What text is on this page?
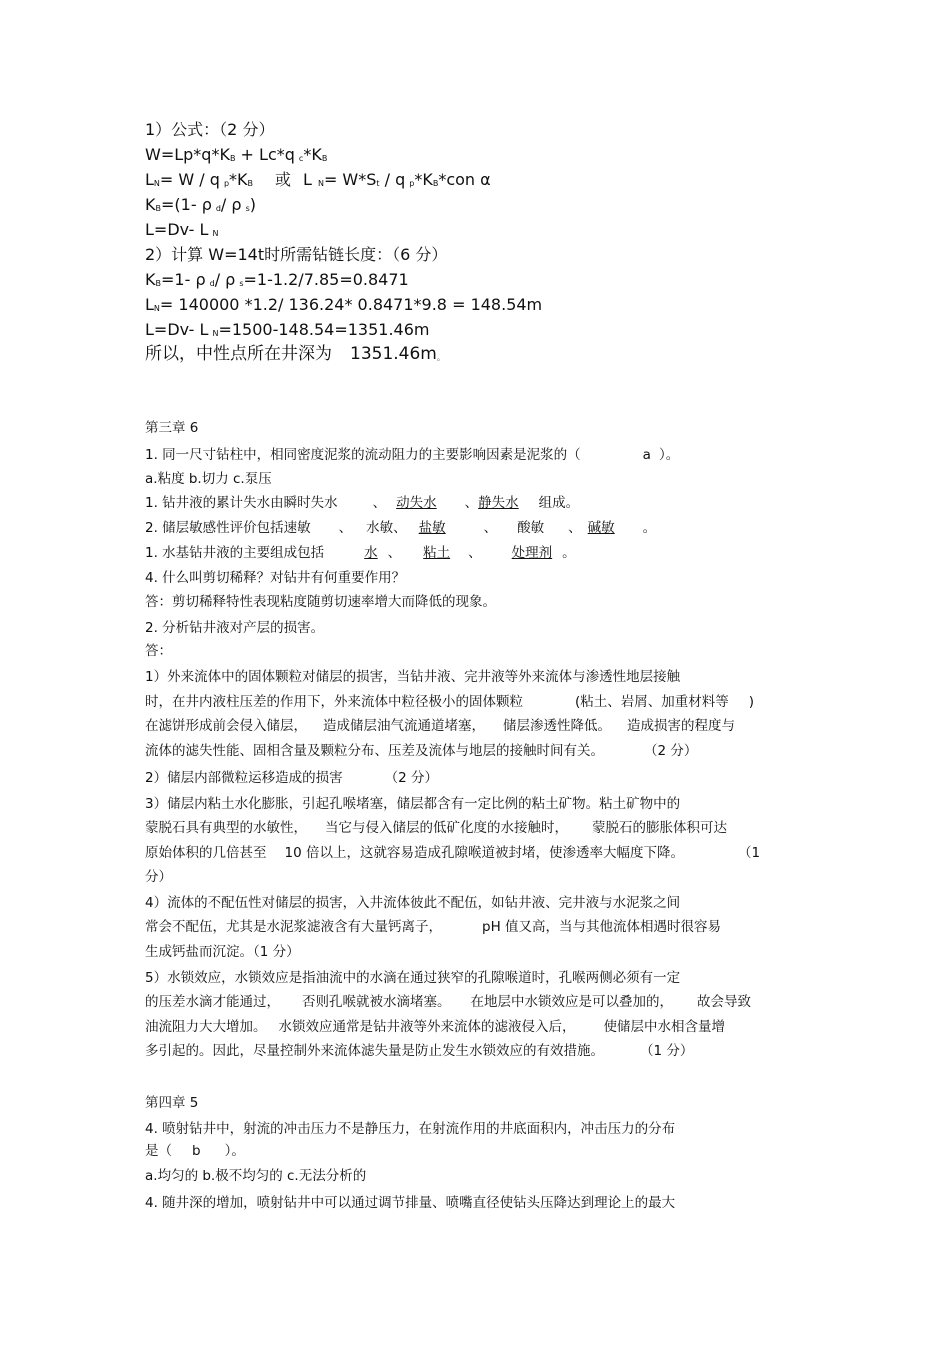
1）公式：（2 分）
$W=Lp*q*K_B + Lc*q$ $_c*K_B$
$L_N= W / q$ $_p*K_B$ 或 L $_N= W*S_t / q$ $_p*K_B*con$ α
$K_B=(1-$ ρ $_d$/ ρ $_s$)
L=Dv- L $_N$
2）计算 W=14t时所需钻链长度：（6 分）
$K_B=1-$ ρ $_d$/ ρ $_s$=1-1.2/7.85=0.8471
$L_N= 140000$ *1.2/ 136.24* 0.8471*9.8 = 148.54m
L=Dv- L $_N$=1500-148.54=1351.46m
所以，中性点所在井深为 $1351.46m_。$
第三章 6
1. 同一尺寸钻柱中，相同密度泥浆的流动阻力的主要影响因素是泥浆的（	a ）。
a.粘度 b.切力 c.泵压
1. 钻井液的累计失水由瞬时失水	、 动失水 、静失水 组成。
2. 储层敏感性评价包括速敏 、 水敏、 盐敏	、 酸敏 、 碱敏 。
1. 水基钻井液的主要组成包括	水 、 粘土 、 处理剂 。
4. 什么叫剪切稀释？对钻井有何重要作用？
答：剪切稀释特性表现粘度随剪切速率增大而降低的现象。
2. 分析钻井液对产层的损害。
答：
1）外来流体中的固体颗粒对储层的损害，当钻井液、完井液等外来流体与渗透性地层接触
时，在井内液柱压差的作用下，外来流体中粒径极小的固体颗粒	(粘土、岩屑、加重材料等 )
在滤饼形成前会侵入储层， 造成储层油气流通道堵塞， 储层渗透性降低。 造成损害的程度与
流体的滤失性能、固相含量及颗粒分布、压差及流体与地层的接触时间有关。	（2 分）
2）储层内部微粒运移造成的损害	（2 分）
3）储层内粘土水化膨胀，引起孔喉堵塞，储层都含有一定比例的粘土矿物。粘土矿物中的
蒙脱石具有典型的水敏性， 当它与侵入储层的低矿化度的水接触时， 蒙脱石的膨胀体积可达
原始体积的几倍甚至 10 倍以上，这就容易造成孔隙喉道被封堵，使渗透率大幅度下降。	（1
分）
4）流体的不配伍性对储层的损害，入井流体彼此不配伍，如钻井液、完井液与水泥浆之间
常会不配伍，尤其是水泥浆滤液含有大量钙离子，	pH 值又高，当与其他流体相遇时很容易
生成钙盐而沉淀。（1 分）
5）水锁效应，水锁效应是指油流中的水滴在通过狭窄的孔隙喉道时，孔喉两侧必须有一定
的压差水滴才能通过， 否则孔喉就被水滴堵塞。 在地层中水锁效应是可以叠加的， 故会导致
油流阻力大大增加。 水锁效应通常是钻井液等外来流体的滤液侵入后， 使储层中水相含量增
多引起的。因此，尽量控制外来流体滤失量是防止发生水锁效应的有效措施。	（1 分）
第四章 5
4. 喷射钻井中，射流的冲击压力不是静压力，在射流作用的井底面积内，冲击压力的分布
是（ b ）。
a.均匀的 b.极不均匀的 c.无法分析的
4. 随井深的增加，喷射钻井中可以通过调节排量、喷嘴直径使钻头压降达到理论上的最大
